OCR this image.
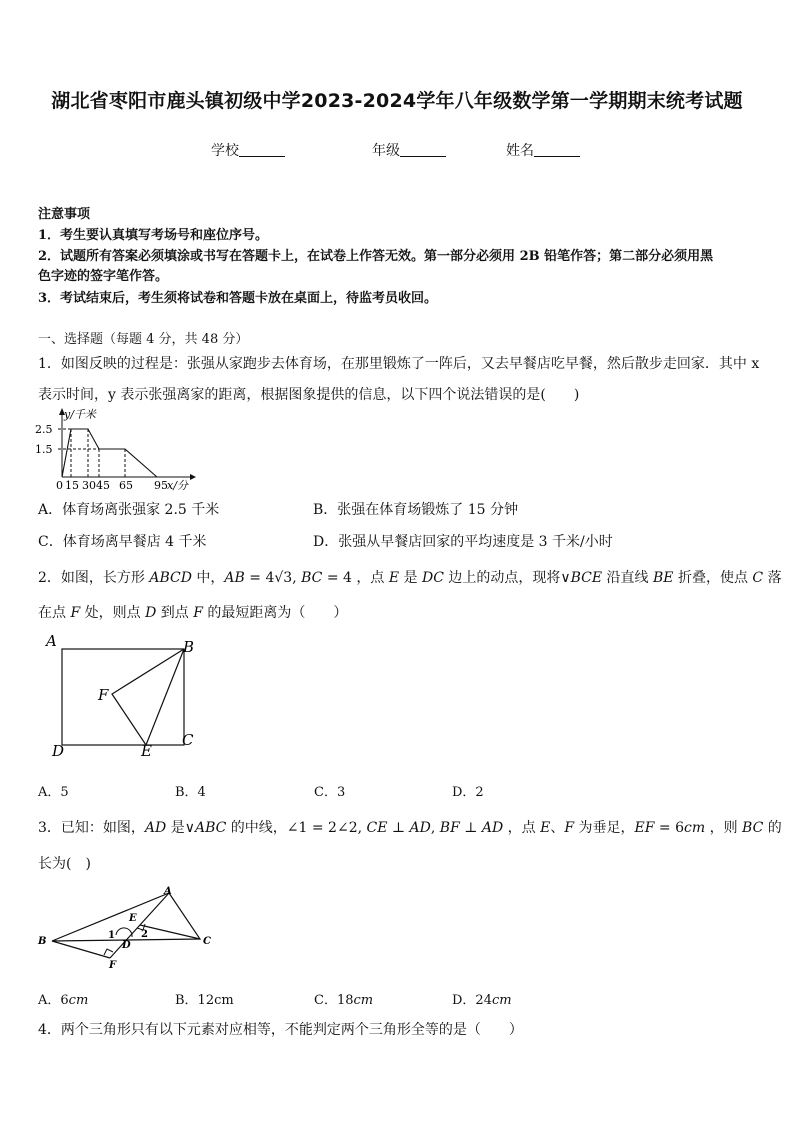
湖北省枣阳市鹿头镇初级中学2023-2024学年八年级数学第一学期期末统考试题
学校	年级	姓名
注意事项
1．考生要认真填写考场号和座位序号。
2．试题所有答案必须填涂或书写在答题卡上，在试卷上作答无效。第一部分必须用 2B 铅笔作答；第二部分必须用黑
色字迹的签字笔作答。
3．考试结束后，考生须将试卷和答题卡放在桌面上，待监考员收回。
一、选择题（每题 4 分，共 48 分）
1．如图反映的过程是：张强从家跑步去体育场，在那里锻炼了一阵后，又去早餐店吃早餐，然后散步走回家．其中 x
表示时间，y 表示张强离家的距离，根据图象提供的信息，以下四个说法错误的是(　　)
y/千米
2.5
1.5
0 15 30 45 65 95 x/分
A．体育场离张强家 2.5 千米	B．张强在体育场锻炼了 15 分钟
C．体育场离早餐店 4 千米	D．张强从早餐店回家的平均速度是 3 千米/小时
2．如图，长方形 ABCD 中，AB = 4√3, BC = 4 ，点 E 是 DC 边上的动点，现将∨BCE 沿直线 BE 折叠，使点 C 落
在点 F 处，则点 D 到点 F 的最短距离为（　　）
A	B
C
D	E
F
A．5	B．4	C．3	D．2
3．已知：如图，AD 是∨ABC 的中线，∠1 = 2∠2, CE ⊥ AD, BF ⊥ AD ，点 E、F 为垂足，EF = 6cm ，则 BC 的
长为(　)
A
B	C
D
E
F
1	2
A．6cm	B．12cm	C．18cm	D．24cm
4．两个三角形只有以下元素对应相等，不能判定两个三角形全等的是（　　）
